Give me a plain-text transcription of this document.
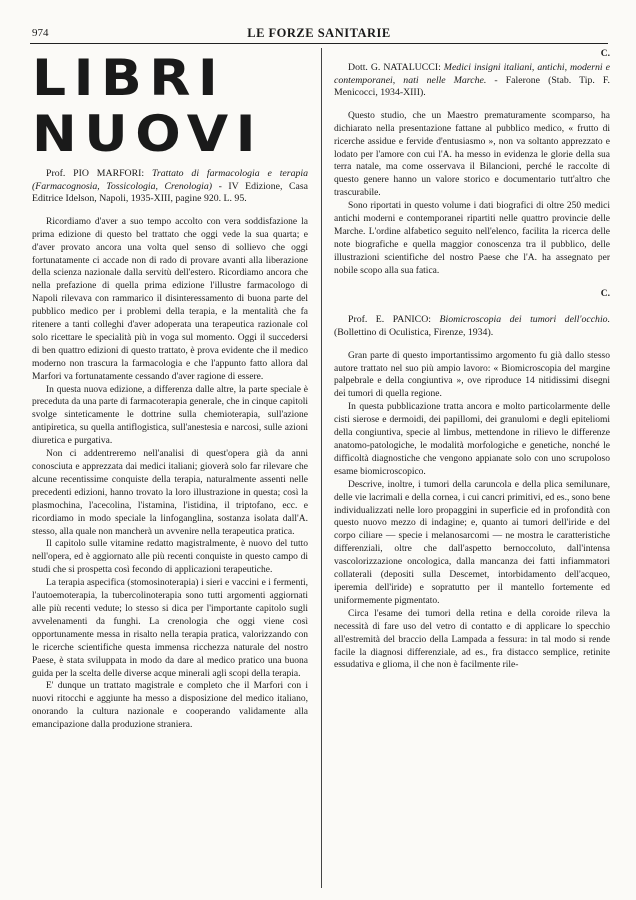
974	LE FORZE SANITARIE
LIBRI NUOVI

Prof. PIO MARFORI: Trattato di farmacologia e terapia (Farmacognosia, Tossicologia, Crenologia) - IV Edizione, Casa Editrice Idelson, Napoli, 1935-XIII, pagine 920. L. 95.

Ricordiamo d'aver a suo tempo accolto con vera soddisfazione la prima edizione di questo bel trattato che oggi vede la sua quarta; e d'aver provato ancora una volta quel senso di sollievo che oggi fortunatamente ci accade non di rado di provare avanti alla liberazione della scienza nazionale dalla servitù dell'estero. Ricordiamo ancora che nella prefazione di quella prima edizione l'illustre farmacologo di Napoli rilevava con rammarico il disinteressamento di buona parte del pubblico medico per i problemi della terapia, e la mentalità che fa ritenere a tanti colleghi d'aver adoperata una terapeutica razionale col solo ricettare le specialità più in voga sul momento. Oggi il succedersi di ben quattro edizioni di questo trattato, è prova evidente che il medico moderno non trascura la farmacologia e che l'appunto fatto allora dal Marfori va fortunatamente cessando d'aver ragione di essere.

In questa nuova edizione, a differenza dalle altre, la parte speciale è preceduta da una parte di farmacoterapia generale, che in cinque capitoli svolge sinteticamente le dottrine sulla chemioterapia, sull'azione antipiretica, su quella antiflogistica, sull'anestesia e narcosi, sulle azioni diuretica e purgativa.

Non ci addentreremo nell'analisi di quest'opera già da anni conosciuta e apprezzata dai medici italiani; gioverà solo far rilevare che alcune recentissime conquiste della terapia, naturalmente assenti nelle precedenti edizioni, hanno trovato la loro illustrazione in questa; così la plasmochina, l'acecolina, l'istamina, l'istidina, il triptofano, ecc. e ricordiamo in modo speciale la linfoganglina, sostanza isolata dall'A. stesso, alla quale non mancherà un avvenire nella terapeutica pratica.

Il capitolo sulle vitamine redatto magistralmente, è nuovo del tutto nell'opera, ed è aggiornato alle più recenti conquiste in questo campo di studi che si prospetta così fecondo di applicazioni terapeutiche.

La terapia aspecifica (stomosinoterapia) i sieri e vaccini e i fermenti, l'autoemoterapia, la tubercolinoterapia sono tutti argomenti aggiornati alle più recenti vedute; lo stesso si dica per l'importante capitolo sugli avvelenamenti da funghi. La crenologia che oggi viene così opportunamente messa in risalto nella terapia pratica, valorizzando con le ricerche scientifiche questa immensa ricchezza naturale del nostro Paese, è stata sviluppata in modo da dare al medico pratico una buona guida per la scelta delle diverse acque minerali agli scopi della terapia.

E' dunque un trattato magistrale e completo che il Marfori con i nuovi ritocchi e aggiunte ha messo a disposizione del medico italiano, onorando la cultura nazionale e cooperando validamente alla emancipazione dalla produzione straniera.

C.

Dott. G. NATALUCCI: Medici insigni italiani, antichi, moderni e contemporanei, nati nelle Marche. - Falerone (Stab. Tip. F. Menicocci, 1934-XIII).

Questo studio, che un Maestro prematuramente scomparso, ha dichiarato nella presentazione fattane al pubblico medico, « frutto di ricerche assidue e fervide d'entusiasmo », non va soltanto apprezzato e lodato per l'amore con cui l'A. ha messo in evidenza le glorie della sua terra natale, ma come osservava il Bilancioni, perché le raccolte di questo genere hanno un valore storico e documentario tutt'altro che trascurabile.

Sono riportati in questo volume i dati biografici di oltre 250 medici antichi moderni e contemporanei ripartiti nelle quattro provincie delle Marche. L'ordine alfabetico seguito nell'elenco, facilita la ricerca delle note biografiche e quella maggior conoscenza tra il pubblico, delle illustrazioni scientifiche del nostro Paese che l'A. ha assegnato per nobile scopo alla sua fatica.

C.

Prof. E. PANICO: Biomicroscopia dei tumori dell'occhio. (Bollettino di Oculistica, Firenze, 1934).

Gran parte di questo importantissimo argomento fu già dallo stesso autore trattato nel suo più ampio lavoro: « Biomicroscopia del margine palpebrale e della congiuntiva », ove riproduce 14 nitidissimi disegni dei tumori di quella regione.

In questa pubblicazione tratta ancora e molto particolarmente delle cisti sierose e dermoidi, dei papillomi, dei granulomi e degli epiteliomi della congiuntiva, specie al limbus, mettendone in rilievo le differenze anatomo-patologiche, le modalità morfologiche e genetiche, nonché le difficoltà diagnostiche che vengono appianate solo con uno scrupoloso esame biomicroscopico.

Descrive, inoltre, i tumori della caruncola e della plica semilunare, delle vie lacrimali e della cornea, i cui cancri primitivi, ed es., sono bene individualizzati nelle loro propaggini in superficie ed in profondità con questo nuovo mezzo di indagine; e, quanto ai tumori dell'iride e del corpo ciliare — specie i melanosarcomi — ne mostra le caratteristiche differenziali, oltre che dall'aspetto bernoccoluto, dall'intensa vascolorizzazione oncologica, dalla mancanza dei fatti infiammatori collaterali (depositi sulla Descemet, intorbidamento dell'acqueo, iperemia dell'iride) e sopratutto per il mantello fortemente ed uniformemente pigmentato.

Circa l'esame dei tumori della retina e della coroide rileva la necessità di fare uso del vetro di contatto e di applicare lo specchio all'estremità del braccio della Lampada a fessura: in tal modo si rende facile la diagnosi differenziale, ad es., fra distacco semplice, retinite essudativa e glioma, il che non è facilmente rile-
